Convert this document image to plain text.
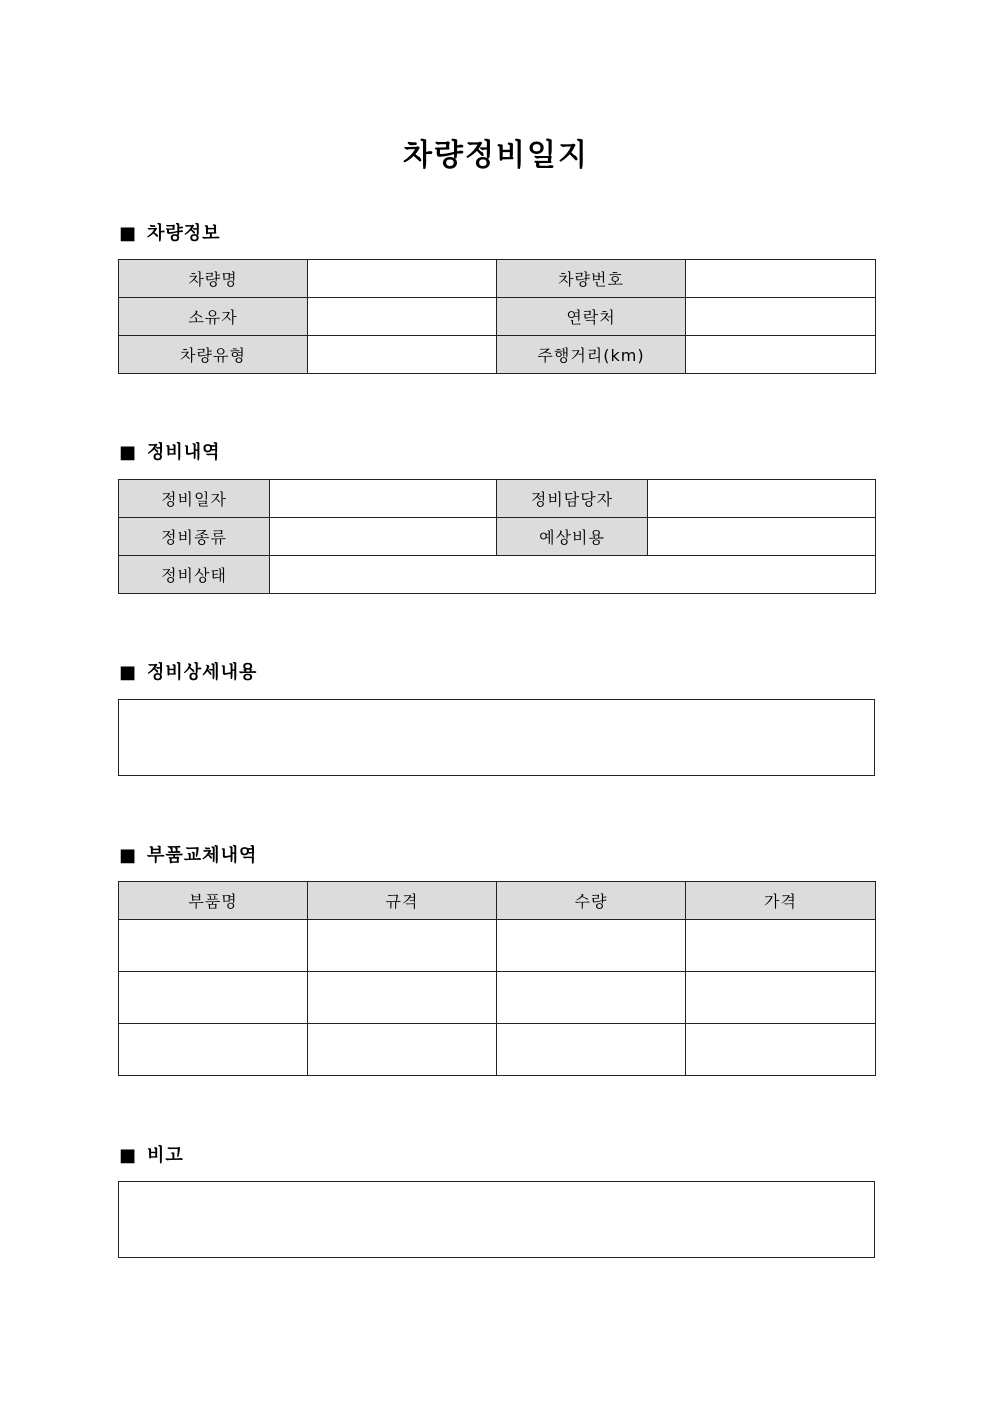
차량정비일지
■ 차량정보
차량명		차량번호	
소유자		연락처	
차량유형		주행거리(km)	
■ 정비내역
정비일자		정비담당자	
정비종류		예상비용	
정비상태			
■ 정비상세내용
■ 부품교체내역
부품명	규격	수량	가격

■ 비고
